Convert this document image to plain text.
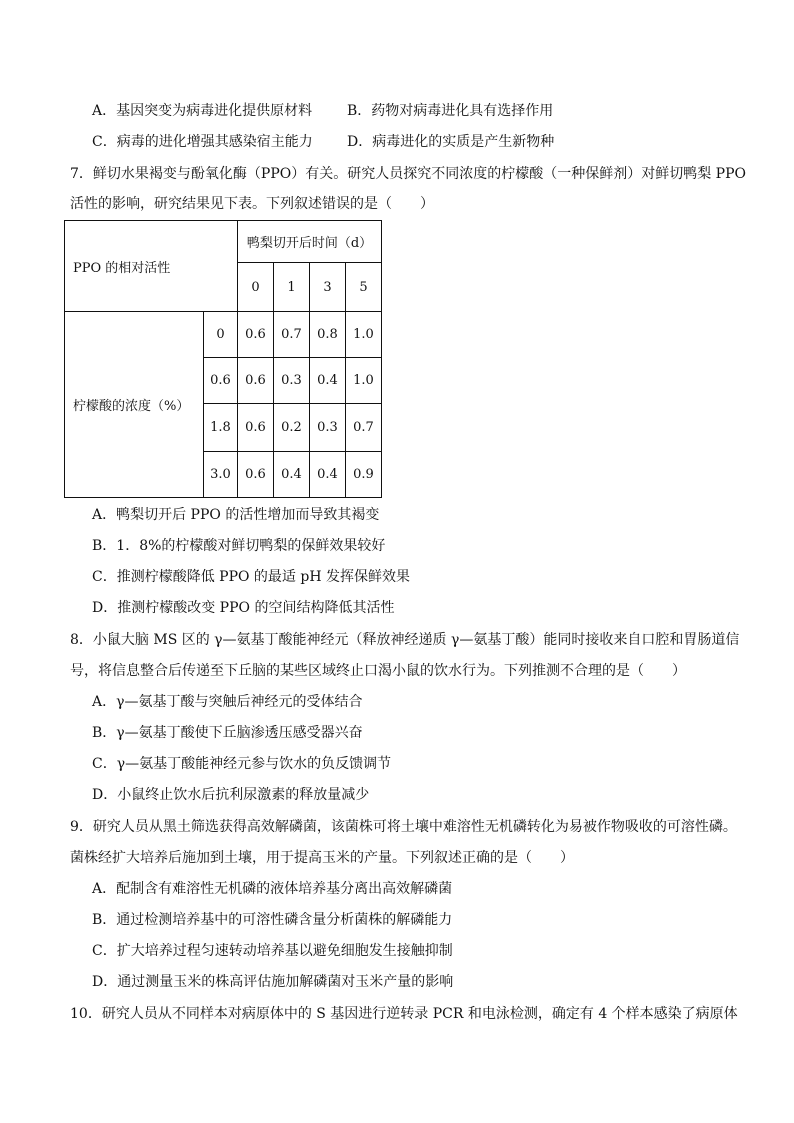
A．基因突变为病毒进化提供原材料 B．药物对病毒进化具有选择作用
C．病毒的进化增强其感染宿主能力 D．病毒进化的实质是产生新物种
7．鲜切水果褐变与酚氧化酶（PPO）有关。研究人员探究不同浓度的柠檬酸（一种保鲜剂）对鲜切鸭梨 PPO
活性的影响，研究结果见下表。下列叙述错误的是（　　）
PPO 的相对活性		鸭梨切开后时间（d）			
		0	1	3	5
柠檬酸的浓度（%）	0	0.6	0.7	0.8	1.0
	0.6	0.6	0.3	0.4	1.0
	1.8	0.6	0.2	0.3	0.7
	3.0	0.6	0.4	0.4	0.9
A．鸭梨切开后 PPO 的活性增加而导致其褐变
B．1．8%的柠檬酸对鲜切鸭梨的保鲜效果较好
C．推测柠檬酸降低 PPO 的最适 pH 发挥保鲜效果
D．推测柠檬酸改变 PPO 的空间结构降低其活性
8．小鼠大脑 MS 区的 γ—氨基丁酸能神经元（释放神经递质 γ—氨基丁酸）能同时接收来自口腔和胃肠道信
号，将信息整合后传递至下丘脑的某些区域终止口渴小鼠的饮水行为。下列推测不合理的是（　　）
A．γ—氨基丁酸与突触后神经元的受体结合
B．γ—氨基丁酸使下丘脑渗透压感受器兴奋
C．γ—氨基丁酸能神经元参与饮水的负反馈调节
D．小鼠终止饮水后抗利尿激素的释放量减少
9．研究人员从黑土筛选获得高效解磷菌，该菌株可将土壤中难溶性无机磷转化为易被作物吸收的可溶性磷。
菌株经扩大培养后施加到土壤，用于提高玉米的产量。下列叙述正确的是（　　）
A．配制含有难溶性无机磷的液体培养基分离出高效解磷菌
B．通过检测培养基中的可溶性磷含量分析菌株的解磷能力
C．扩大培养过程匀速转动培养基以避免细胞发生接触抑制
D．通过测量玉米的株高评估施加解磷菌对玉米产量的影响
10．研究人员从不同样本对病原体中的 S 基因进行逆转录 PCR 和电泳检测，确定有 4 个样本感染了病原体
